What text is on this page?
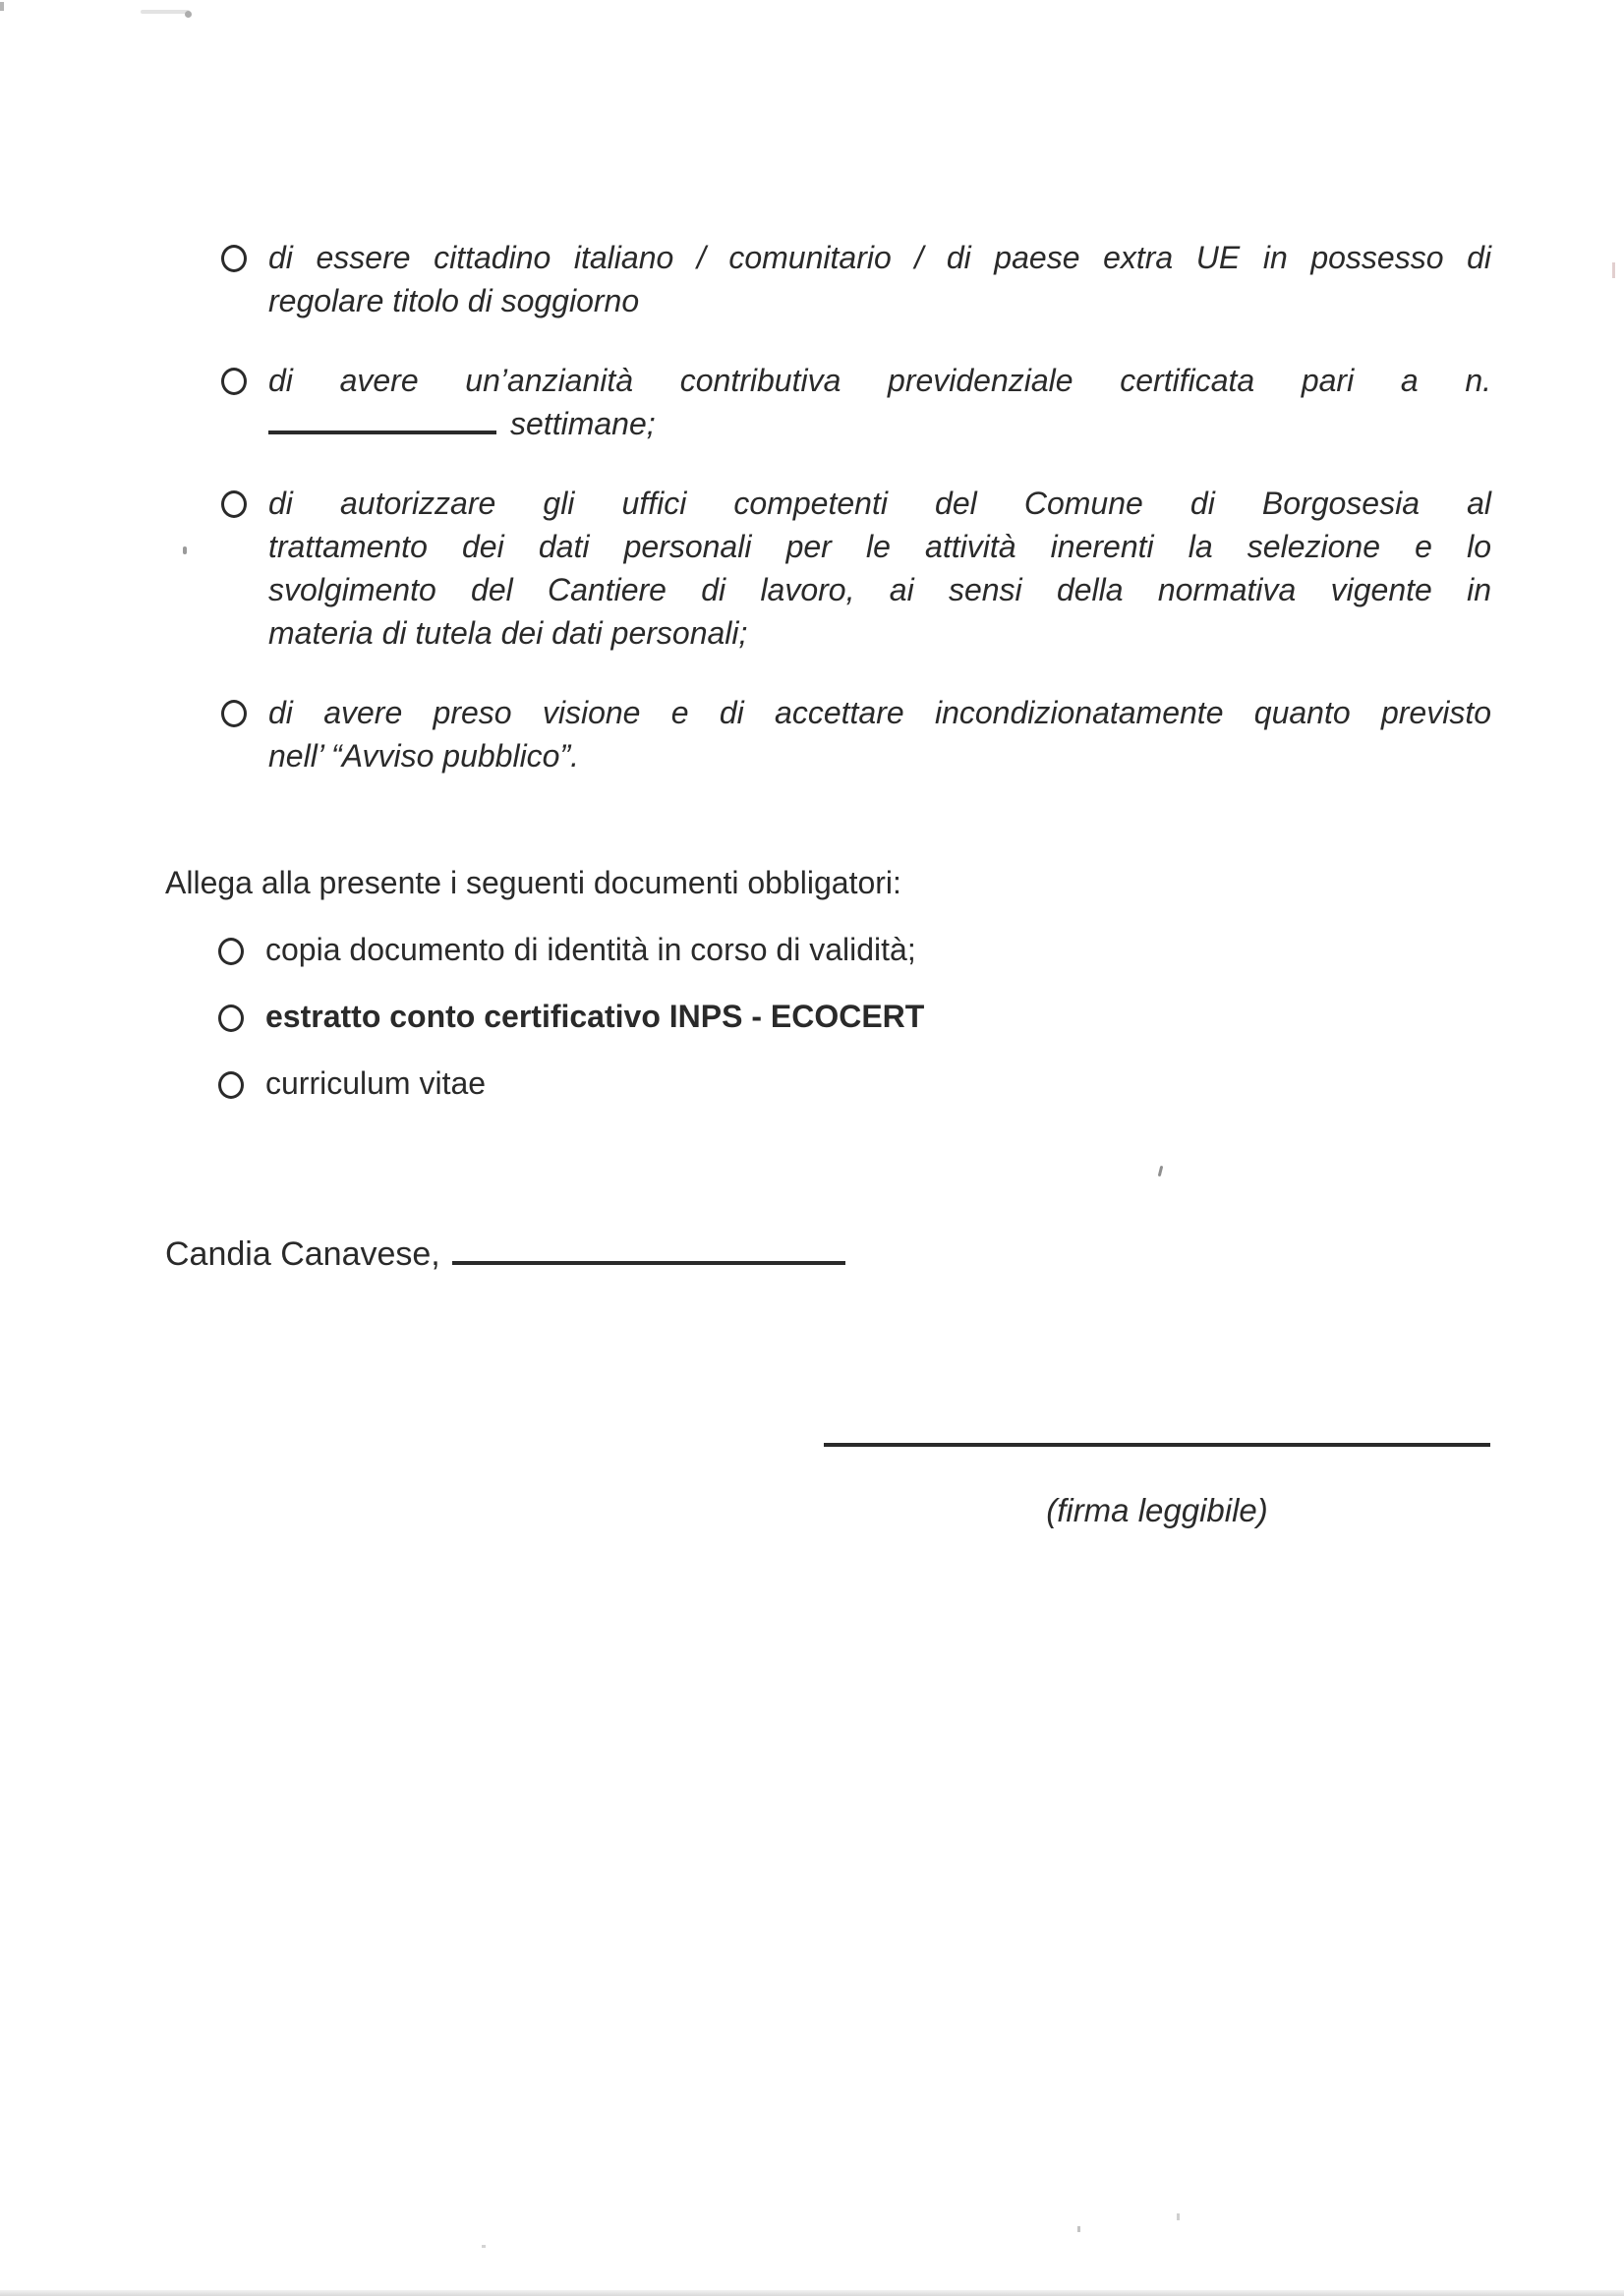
di essere cittadino italiano / comunitario / di paese extra UE in possesso di
regolare titolo di soggiorno
di avere un’anzianità contributiva previdenziale certificata pari a n.
settimane;
di autorizzare gli uffici competenti del Comune di Borgosesia al
trattamento dei dati personali per le attività inerenti la selezione e lo
svolgimento del Cantiere di lavoro, ai sensi della normativa vigente in
materia di tutela dei dati personali;
di avere preso visione e di accettare incondizionatamente quanto previsto
nell’ “Avviso pubblico”.

Allega alla presente i seguenti documenti obbligatori:

copia documento di identità in corso di validità;
estratto conto certificativo INPS - ECOCERT
curriculum vitae
Candia Canavese,
(firma leggibile)
